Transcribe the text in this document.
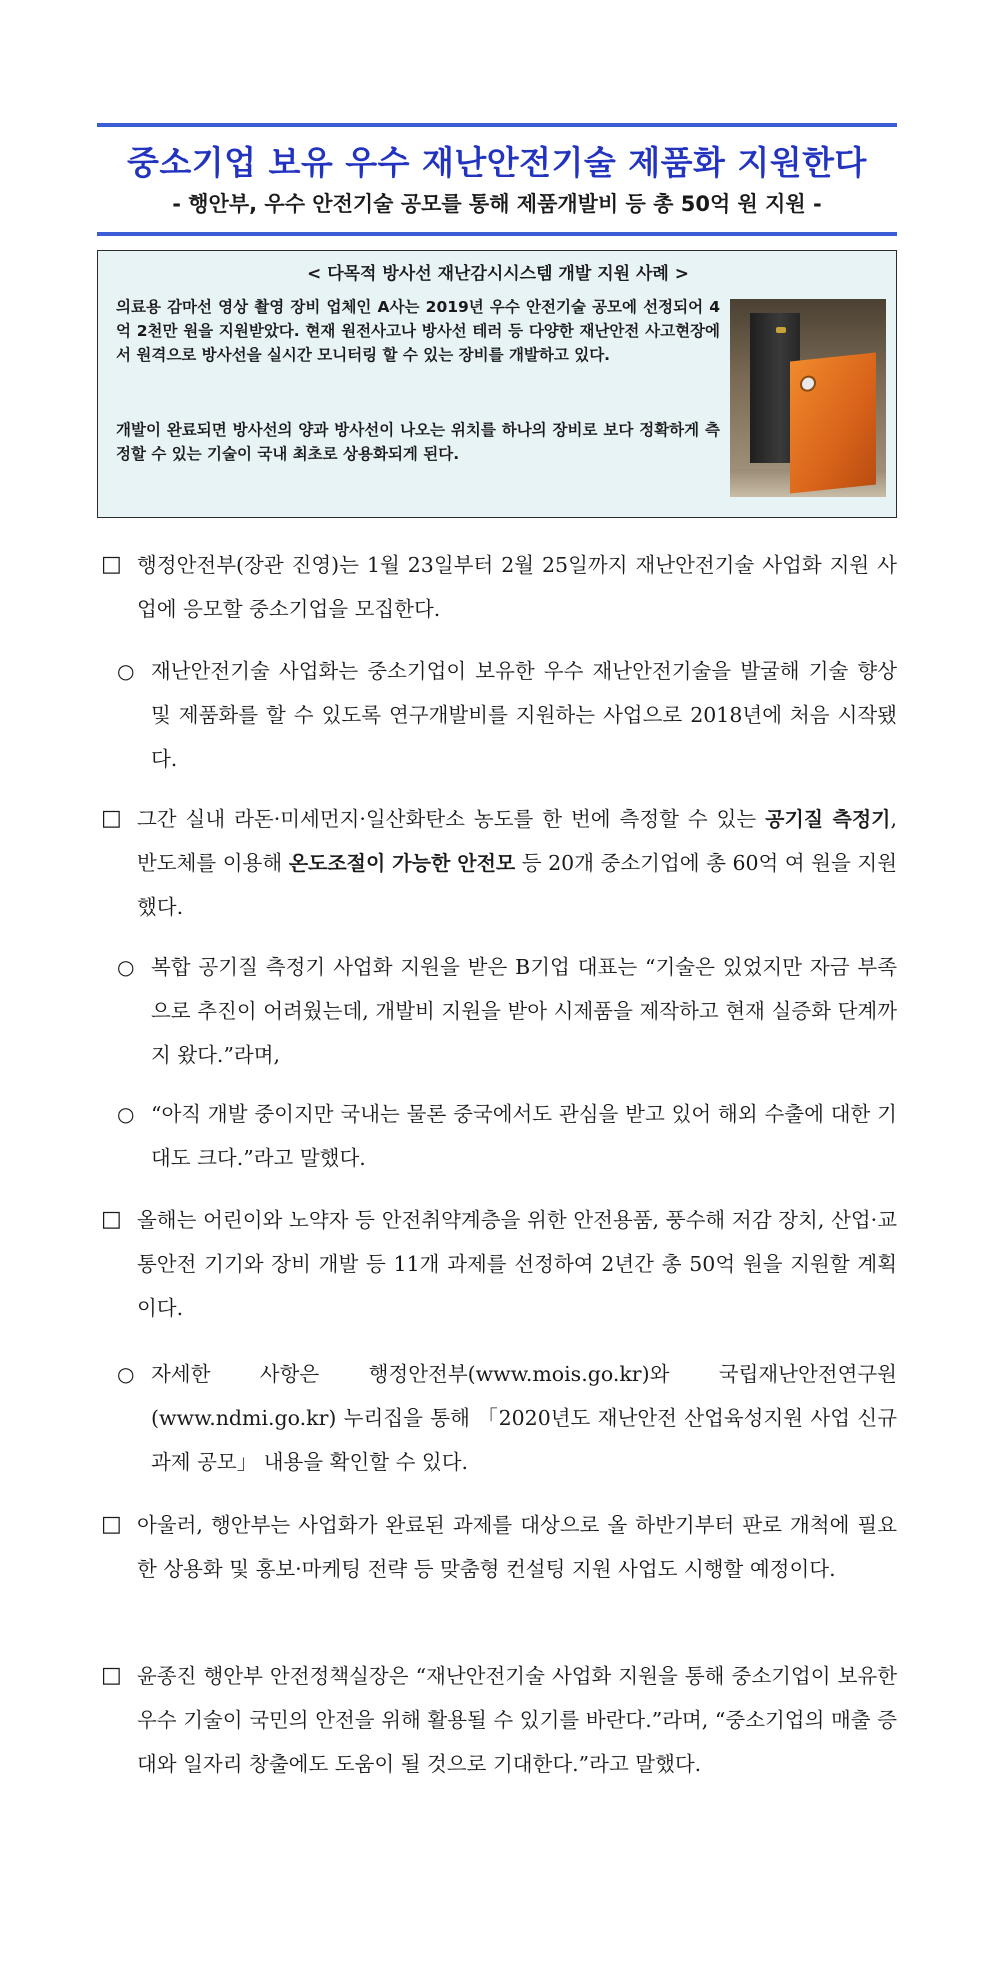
중소기업 보유 우수 재난안전기술 제품화 지원한다
- 행안부, 우수 안전기술 공모를 통해 제품개발비 등 총 50억 원 지원 -
< 다목적 방사선 재난감시시스템 개발 지원 사례 >
의료용 감마선 영상 촬영 장비 업체인 A사는 2019년 우수 안전기술 공모에 선정되어 4억 2천만 원을 지원받았다. 현재 원전사고나 방사선 테러 등 다양한 재난안전 사고현장에서 원격으로 방사선을 실시간 모니터링 할 수 있는 장비를 개발하고 있다.
개발이 완료되면 방사선의 양과 방사선이 나오는 위치를 하나의 장비로 보다 정확하게 측정할 수 있는 기술이 국내 최초로 상용화되게 된다.
□ 행정안전부(장관 진영)는 1월 23일부터 2월 25일까지 재난안전기술 사업화 지원 사업에 응모할 중소기업을 모집한다.
○ 재난안전기술 사업화는 중소기업이 보유한 우수 재난안전기술을 발굴해 기술 향상 및 제품화를 할 수 있도록 연구개발비를 지원하는 사업으로 2018년에 처음 시작됐다.
□ 그간 실내 라돈·미세먼지·일산화탄소 농도를 한 번에 측정할 수 있는 공기질 측정기, 반도체를 이용해 온도조절이 가능한 안전모 등 20개 중소기업에 총 60억 여 원을 지원했다.
○ 복합 공기질 측정기 사업화 지원을 받은 B기업 대표는 “기술은 있었지만 자금 부족으로 추진이 어려웠는데, 개발비 지원을 받아 시제품을 제작하고 현재 실증화 단계까지 왔다.”라며,
○ “아직 개발 중이지만 국내는 물론 중국에서도 관심을 받고 있어 해외 수출에 대한 기대도 크다.”라고 말했다.
□ 올해는 어린이와 노약자 등 안전취약계층을 위한 안전용품, 풍수해 저감 장치, 산업·교통안전 기기와 장비 개발 등 11개 과제를 선정하여 2년간 총 50억 원을 지원할 계획이다.
○ 자세한 사항은 행정안전부(www.mois.go.kr)와 국립재난안전연구원(www.ndmi.go.kr) 누리집을 통해 「2020년도 재난안전 산업육성지원 사업 신규과제 공모」 내용을 확인할 수 있다.
□ 아울러, 행안부는 사업화가 완료된 과제를 대상으로 올 하반기부터 판로 개척에 필요한 상용화 및 홍보·마케팅 전략 등 맞춤형 컨설팅 지원 사업도 시행할 예정이다.
□ 윤종진 행안부 안전정책실장은 “재난안전기술 사업화 지원을 통해 중소기업이 보유한 우수 기술이 국민의 안전을 위해 활용될 수 있기를 바란다.”라며, “중소기업의 매출 증대와 일자리 창출에도 도움이 될 것으로 기대한다.”라고 말했다.
